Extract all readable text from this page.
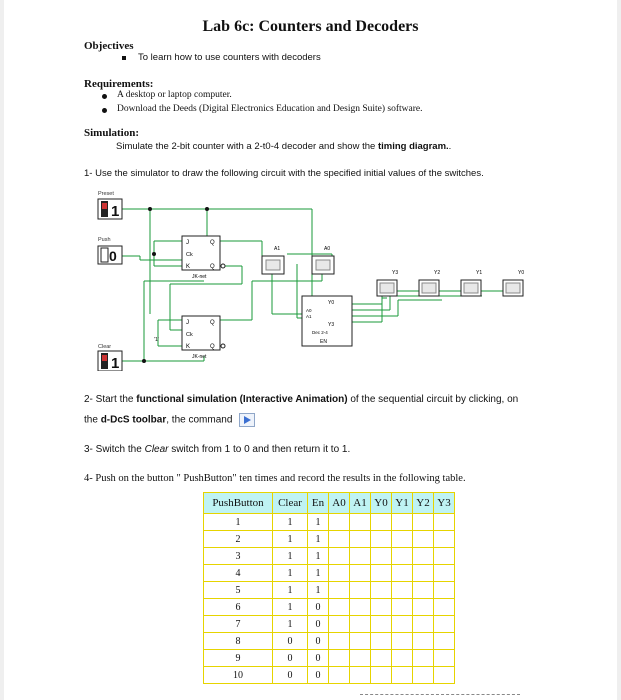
Lab 6c: Counters and Decoders
Objectives
To learn how to use counters with decoders
Requirements:
A desktop or laptop computer.
Download the Deeds (Digital Electronics Education and Design Suite) software.
Simulation:
Simulate the 2-bit counter with a 2-t0-4 decoder and show the timing diagram..
1- Use the simulator to draw the following circuit with the specified initial values of the switches.
Preset
1
Push
0
Clear
1
J	Q
Ck
K	Q
JK-net
J	Q
Ck
K	Q
JK-net
'1'
A1	A0
Y0
A0
A1
Y3
Dec 2-4
EN
Y3	Y2	Y1	Y0
2- Start the functional simulation (Interactive Animation) of the sequential circuit by clicking, on
the d-DcS toolbar, the command
3- Switch the Clear switch from 1 to 0 and then return it to 1.
4- Push on the button " PushButton" ten times and record the results in the following table.
PushButton	Clear	En	A0	A1	Y0	Y1	Y2	Y3
1	1	1						
2	1	1						
3	1	1						
4	1	1						
5	1	1						
6	1	0						
7	1	0						
8	0	0						
9	0	0						
10	0	0						
